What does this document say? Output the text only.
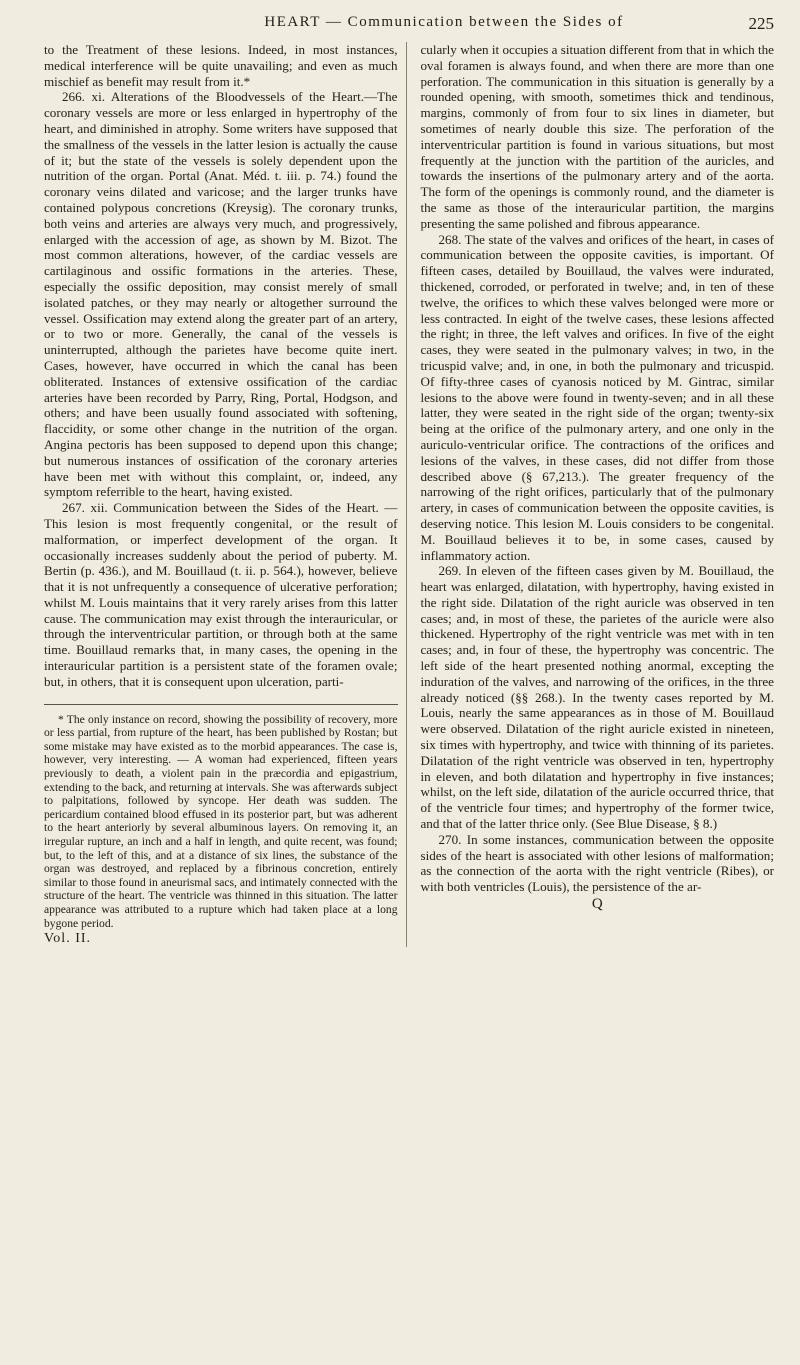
HEART — Communication between the Sides of	225

to the Treatment of these lesions. Indeed, in most instances, medical interference will be quite unavailing; and even as much mischief as benefit may result from it.*

266. xi. Alterations of the Bloodvessels of the Heart.—The coronary vessels are more or less enlarged in hypertrophy of the heart, and diminished in atrophy. Some writers have supposed that the smallness of the vessels in the latter lesion is actually the cause of it; but the state of the vessels is solely dependent upon the nutrition of the organ. Portal (Anat. Méd. t. iii. p. 74.) found the coronary veins dilated and varicose; and the larger trunks have contained polypous concretions (Kreysig). The coronary trunks, both veins and arteries are always very much, and progressively, enlarged with the accession of age, as shown by M. Bizot. The most common alterations, however, of the cardiac vessels are cartilaginous and ossific formations in the arteries. These, especially the ossific deposition, may consist merely of small isolated patches, or they may nearly or altogether surround the vessel. Ossification may extend along the greater part of an artery, or to two or more. Generally, the canal of the vessels is uninterrupted, although the parietes have become quite inert. Cases, however, have occurred in which the canal has been obliterated. Instances of extensive ossification of the cardiac arteries have been recorded by Parry, Ring, Portal, Hodgson, and others; and have been usually found associated with softening, flaccidity, or some other change in the nutrition of the organ. Angina pectoris has been supposed to depend upon this change; but numerous instances of ossification of the coronary arteries have been met with without this complaint, or, indeed, any symptom referrible to the heart, having existed.

267. xii. Communication between the Sides of the Heart. — This lesion is most frequently congenital, or the result of malformation, or imperfect development of the organ. It occasionally increases suddenly about the period of puberty. M. Bertin (p. 436.), and M. Bouillaud (t. ii. p. 564.), however, believe that it is not unfrequently a consequence of ulcerative perforation; whilst M. Louis maintains that it very rarely arises from this latter cause. The communication may exist through the interauricular, or through the interventricular partition, or through both at the same time. Bouillaud remarks that, in many cases, the opening in the interauricular partition is a persistent state of the foramen ovale; but, in others, that it is consequent upon ulceration, parti-

* The only instance on record, showing the possibility of recovery, more or less partial, from rupture of the heart, has been published by Rostan; but some mistake may have existed as to the morbid appearances. The case is, however, very interesting. — A woman had experienced, fifteen years previously to death, a violent pain in the præcordia and epigastrium, extending to the back, and returning at intervals. She was afterwards subject to palpitations, followed by syncope. Her death was sudden. The pericardium contained blood effused in its posterior part, but was adherent to the heart anteriorly by several albuminous layers. On removing it, an irregular rupture, an inch and a half in length, and quite recent, was found; but, to the left of this, and at a distance of six lines, the substance of the organ was destroyed, and replaced by a fibrinous concretion, entirely similar to those found in aneurismal sacs, and intimately connected with the structure of the heart. The ventricle was thinned in this situation. The latter appearance was attributed to a rupture which had taken place at a long bygone period.

Vol. II.

cularly when it occupies a situation different from that in which the oval foramen is always found, and when there are more than one perforation. The communication in this situation is generally by a rounded opening, with smooth, sometimes thick and tendinous, margins, commonly of from four to six lines in diameter, but sometimes of nearly double this size. The perforation of the interventricular partition is found in various situations, but most frequently at the junction with the partition of the auricles, and towards the insertions of the pulmonary artery and of the aorta. The form of the openings is commonly round, and the diameter is the same as those of the interauricular partition, the margins presenting the same polished and fibrous appearance.

268. The state of the valves and orifices of the heart, in cases of communication between the opposite cavities, is important. Of fifteen cases, detailed by Bouillaud, the valves were indurated, thickened, corroded, or perforated in twelve; and, in ten of these twelve, the orifices to which these valves belonged were more or less contracted. In eight of the twelve cases, these lesions affected the right; in three, the left valves and orifices. In five of the eight cases, they were seated in the pulmonary valves; in two, in the tricuspid valve; and, in one, in both the pulmonary and tricuspid. Of fifty-three cases of cyanosis noticed by M. Gintrac, similar lesions to the above were found in twenty-seven; and in all these latter, they were seated in the right side of the organ; twenty-six being at the orifice of the pulmonary artery, and one only in the auriculo-ventricular orifice. The contractions of the orifices and lesions of the valves, in these cases, did not differ from those described above (§ 67,213.). The greater frequency of the narrowing of the right orifices, particularly that of the pulmonary artery, in cases of communication between the opposite cavities, is deserving notice. This lesion M. Louis considers to be congenital. M. Bouillaud believes it to be, in some cases, caused by inflammatory action.

269. In eleven of the fifteen cases given by M. Bouillaud, the heart was enlarged, dilatation, with hypertrophy, having existed in the right side. Dilatation of the right auricle was observed in ten cases; and, in most of these, the parietes of the auricle were also thickened. Hypertrophy of the right ventricle was met with in ten cases; and, in four of these, the hypertrophy was concentric. The left side of the heart presented nothing anormal, excepting the induration of the valves, and narrowing of the orifices, in the three already noticed (§§ 268.). In the twenty cases reported by M. Louis, nearly the same appearances as in those of M. Bouillaud were observed. Dilatation of the right auricle existed in nineteen, six times with hypertrophy, and twice with thinning of its parietes. Dilatation of the right ventricle was observed in ten, hypertrophy in eleven, and both dilatation and hypertrophy in five instances; whilst, on the left side, dilatation of the auricle occurred thrice, that of the ventricle four times; and hypertrophy of the former twice, and that of the latter thrice only. (See Blue Disease, § 8.)

270. In some instances, communication between the opposite sides of the heart is associated with other lesions of malformation; as the connection of the aorta with the right ventricle (Ribes), or with both ventricles (Louis), the persistence of the ar-

Q
